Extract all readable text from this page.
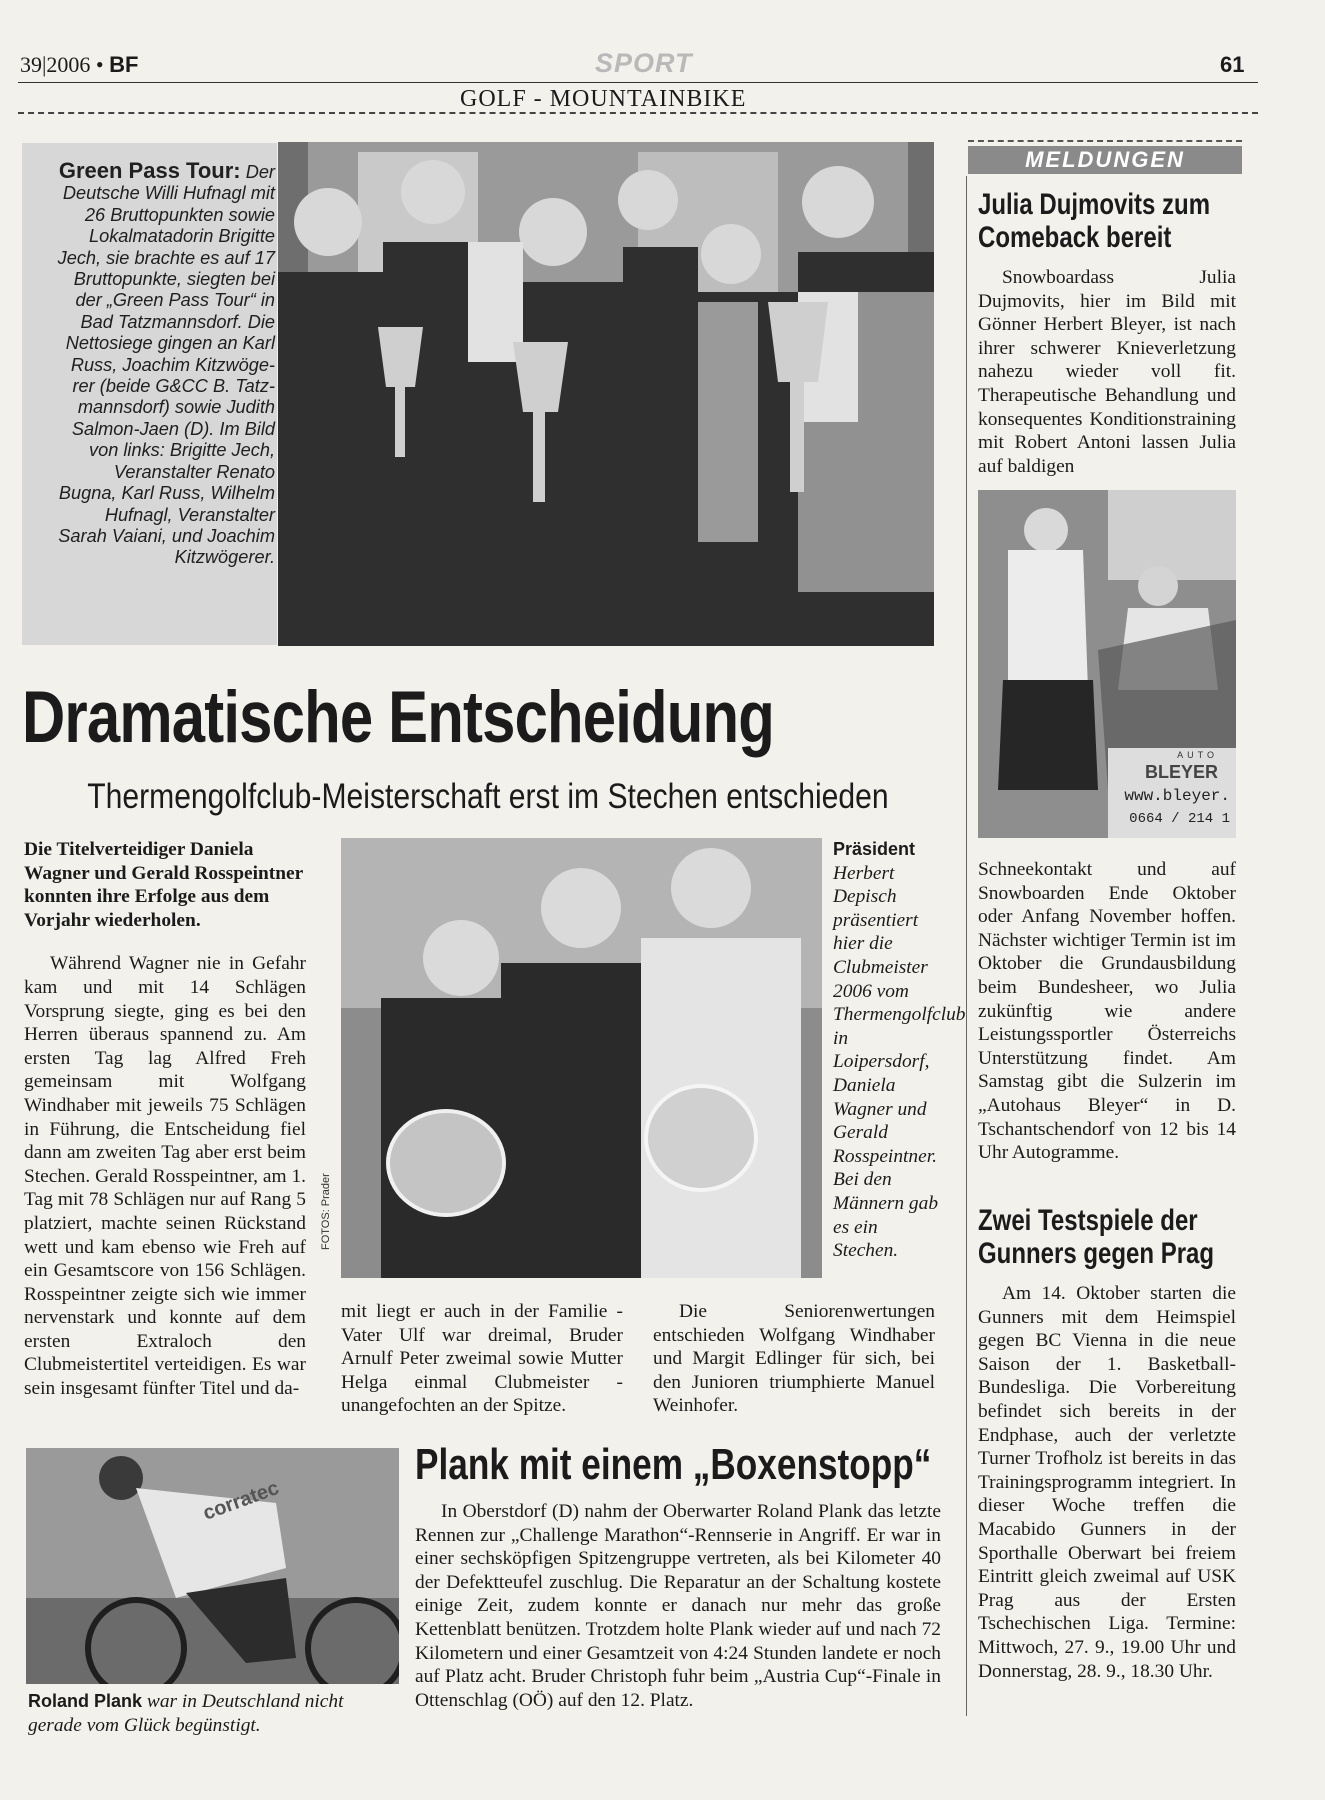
39|2006 • BF	SPORT	61
GOLF - MOUNTAINBIKE
Green Pass Tour: Der
Deutsche Willi Hufnagl mit
26 Bruttopunkten sowie
Lokalmatadorin Brigitte
Jech, sie brachte es auf 17
Bruttopunkte, siegten bei
der „Green Pass Tour“ in
Bad Tatzmannsdorf. Die
Nettosiege gingen an Karl
Russ, Joachim Kitzwöge-
rer (beide G&CC B. Tatz-
mannsdorf) sowie Judith
Salmon-Jaen (D). Im Bild
von links: Brigitte Jech,
Veranstalter Renato
Bugna, Karl Russ, Wilhelm
Hufnagl, Veranstalter
Sarah Vaiani, und Joachim
Kitzwögerer.
Dramatische Entscheidung
Thermengolfclub-Meisterschaft erst im Stechen entschieden

Die Titelverteidiger Daniela Wagner und Gerald Rosspeintner konnten ihre Erfolge aus dem Vorjahr wiederholen.

Während Wagner nie in Gefahr kam und mit 14 Schlägen Vorsprung siegte, ging es bei den Herren überaus spannend zu. Am ersten Tag lag Alfred Freh gemeinsam mit Wolfgang Windhaber mit jeweils 75 Schlägen in Führung, die Entscheidung fiel dann am zweiten Tag aber erst beim Stechen. Gerald Rosspeintner, am 1. Tag mit 78 Schlägen nur auf Rang 5 platziert, machte seinen Rückstand wett und kam ebenso wie Freh auf ein Gesamtscore von 156 Schlägen. Rosspeintner zeigte sich wie immer nervenstark und konnte auf dem ersten Extraloch den Clubmeistertitel verteidigen. Es war sein insgesamt fünfter Titel und da-

FOTOS: Prader
Präsident Herbert Depisch präsentiert hier die Clubmeister 2006 vom Thermengolfclub in Loipersdorf, Daniela Wagner und Gerald Rosspeintner. Bei den Männern gab es ein Stechen.

mit liegt er auch in der Familie - Vater Ulf war dreimal, Bruder Arnulf Peter zweimal sowie Mutter Helga einmal Clubmeister - unangefochten an der Spitze.

Die Seniorenwertungen entschieden Wolfgang Windhaber und Margit Edlinger für sich, bei den Junioren triumphierte Manuel Weinhofer.

corratec
Roland Plank war in Deutschland nicht gerade vom Glück begünstigt.
Plank mit einem „Boxenstopp“

In Oberstdorf (D) nahm der Oberwarter Roland Plank das letzte Rennen zur „Challenge Marathon“-Rennserie in Angriff. Er war in einer sechsköpfigen Spitzengruppe vertreten, als bei Kilometer 40 der Defektteufel zuschlug. Die Reparatur an der Schaltung kostete einige Zeit, zudem konnte er danach nur mehr das große Kettenblatt benützen. Trotzdem holte Plank wieder auf und nach 72 Kilometern und einer Gesamtzeit von 4:24 Stunden landete er noch auf Platz acht. Bruder Christoph fuhr beim „Austria Cup“-Finale in Ottenschlag (OÖ) auf den 12. Platz.

MELDUNGEN
Julia Dujmovits zum
Comeback bereit

Snowboardass Julia Dujmovits, hier im Bild mit Gönner Herbert Bleyer, ist nach ihrer schwerer Knieverletzung nahezu wieder voll fit. Therapeutische Behandlung und konsequentes Konditionstraining mit Robert Antoni lassen Julia auf baldigen

AUTO
BLEYER
www.bleyer.
0664 / 214 1

Schneekontakt und auf Snowboarden Ende Oktober oder Anfang November hoffen. Nächster wichtiger Termin ist im Oktober die Grundausbildung beim Bundesheer, wo Julia zukünftig wie andere Leistungssportler Österreichs Unterstützung findet. Am Samstag gibt die Sulzerin im „Autohaus Bleyer“ in D. Tschantschendorf von 12 bis 14 Uhr Autogramme.

Zwei Testspiele der
Gunners gegen Prag

Am 14. Oktober starten die Gunners mit dem Heimspiel gegen BC Vienna in die neue Saison der 1. Basketball-Bundesliga. Die Vorbereitung befindet sich bereits in der Endphase, auch der verletzte Turner Trofholz ist bereits in das Trainingsprogramm integriert. In dieser Woche treffen die Macabido Gunners in der Sporthalle Oberwart bei freiem Eintritt gleich zweimal auf USK Prag aus der Ersten Tschechischen Liga. Termine: Mittwoch, 27. 9., 19.00 Uhr und Donnerstag, 28. 9., 18.30 Uhr.
